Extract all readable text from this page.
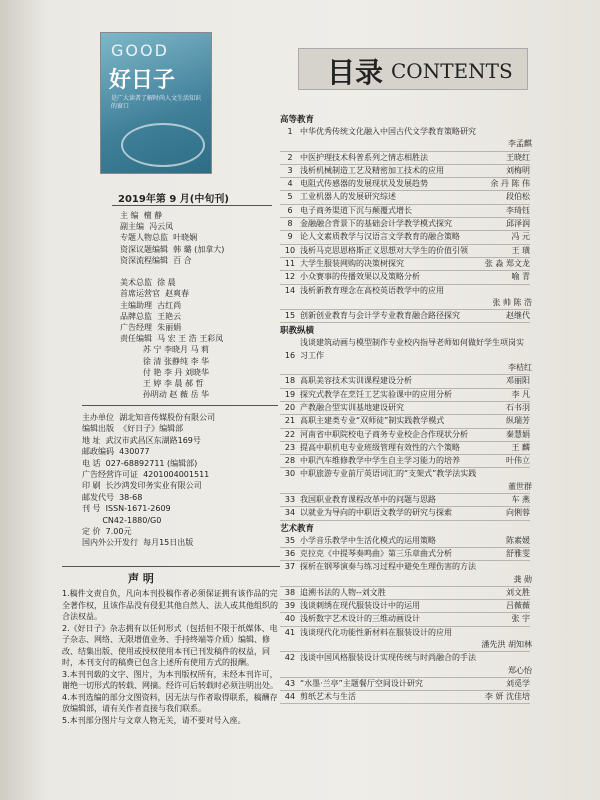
GOOD
好日子
是广大读者了解时尚人文生活知识的窗口
2019年第 9 月(中旬刊)
主 编  檀 静
副主编  冯云凤
专题人物总监  叶晓娴
资深议题编辑  韩 璐 (加拿大)
资深流程编辑  百 合

美术总监  徐 晨
首席运营官  赵爽春
主编助理  古红尚
品牌总监  王艳云
广告经理  朱丽娟
责任编辑  马 宏 王 浩 王彩凤
苏 宁 李晓月 马 莉
徐 清 张静纯 李 华
付 艳 李 丹 刘晓华
王 婷 李 晨 郝 哲
孙明动 赵 薇 岳 华
主办单位  湖北知音传媒股份有限公司
编辑出版  《好日子》编辑部
地 址  武汉市武昌区东湖路169号
邮政编码  430077
电 话  027-68892711 (编辑部)
广告经营许可证  4201004001511
印 刷  长沙鸿发印务实业有限公司
邮发代号  38-68
刊 号  ISSN-1671-2609
CN42-1880/G0
定 价  7.00元
国内外公开发行  每月15日出版
声 明
1.稿件文责自负，凡向本刊投稿作者必须保证拥有该作品的完全著作权，且该作品没有侵犯其他自然人、法人或其他组织的合法权益。
2.《好日子》杂志拥有以任何形式（包括但不限于纸媒体、电子杂志、网络、无限增值业务、手持终端等介质）编辑、修改、结集出版、使用或授权使用本刊已刊发稿件的权益，同时，本刊支付的稿费已包含上述所有使用方式的报酬。
3.本刊刊载的文字、图片，为本刊版权所有，未经本刊许可，谢绝一切形式的转载、网摘。经许可后转载时必须注明出处。
4.本刊选编的部分文图资料，因无法与作者取得联系，稿酬存放编辑部，请有关作者直接与我们联系。
5.本刊部分图片与文章人物无关，请不要对号入座。
目录 CONTENTS
高等教育
1 中华优秀传统文化融入中国古代文学教育策略研究
李孟麒
2 中医护理技术科普系列之情志相胜法	王晓红
3 浅析机械制造工艺及精密加工技术的应用	刘梅明
4 电阻式传感器的发展现状及发展趋势	余 丹 陈 伟
5 工业机器人的发展研究综述	段伯松
6 电子商务渠道下沉与颠覆式增长	李琦钰
8 金融融合背景下的基础会计学教学模式探究	邱泽润
9 论人文素质教学与汉语言文学教育的融合策略	冯 元
10 浅析马克思恩格斯正义思想对大学生的价值引领	王 璜
11 大学生服装网购的决策树探究	张 淼 郑文龙
12 小众赛事的传播效果以及策略分析	喻 青
14 浅析新教育理念在高校英语教学中的应用
张 帅 陈 浩
15 创新创业教育与会计学专业教育融合路径探究	赵继代
职教纵横
16
浅谈建筑动画与模型制作专业校内指导老师如何做好学生项岗实习工作
李桔红
18 高职美容技术实训课程建设分析	邓丽阳
19 探究式教学在烹饪工艺实验课中的应用分析	李 凡
20 产教融合型实训基地建设研究	石书羽
21 高职主建类专业“双师徒”制实践教学模式	纵瑞芳
22 河南省中职院校电子商务专业校企合作现状分析	秦慧娟
23 提高中职机电专业班级管理有效性的六个策略	王 麟
28 中职汽车维修教学中学生自主学习能力的培养	叶伟立
30 中职旅游专业前厅英语词汇的“支架式”教学法实践
董世群
33 我国职业教育课程改革中的问题与思路	车 燕
34 以就业为导向的中职语文教学的研究与探索	向俐蓉
艺术教育
35 小学音乐教学中生活化模式的运用策略	陈素媛
36 克拉克《中提琴奏鸣曲》第三乐章曲式分析	舒雅雯
37 探析在钢琴演奏与练习过程中避免生理伤害的方法
龚 勋
38 追溯书法的人物--刘文胜	刘文胜
39 浅谈刺绣在现代服装设计中的运用	吕薇薇
40 浅析数字艺术设计的三维动画设计	张 宇
41 浅谈现代化功能性新材料在服装设计的应用
潘先洪 胡知林
42 浅谈中国风格服装设计实现传统与时尚融合的手法
郑心怡
43 “水墨·兰亭”主题餐厅空间设计研究	刘觅学
44 剪纸艺术与生活	李 妍 沈佳培
